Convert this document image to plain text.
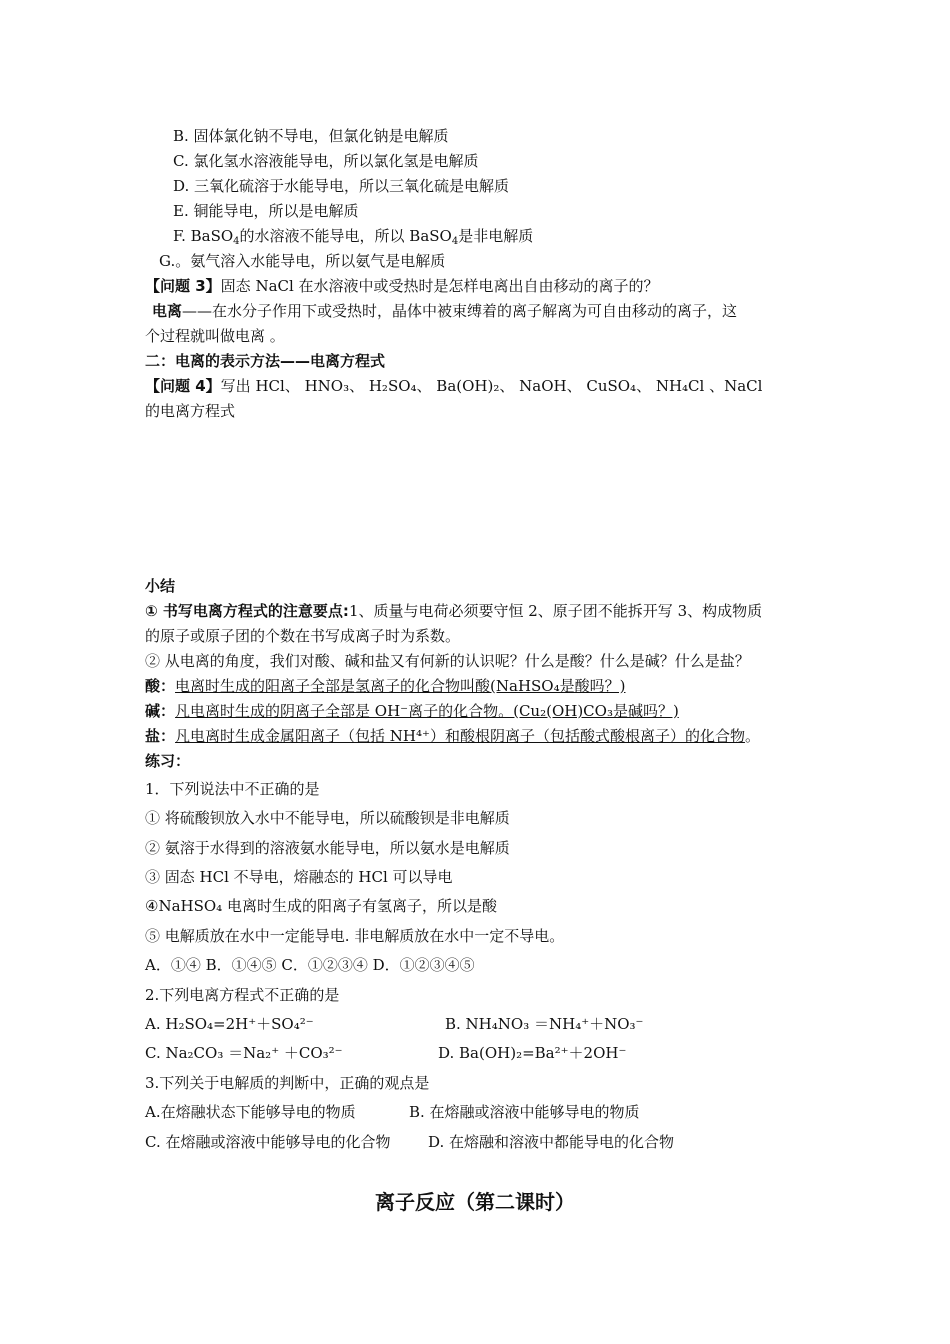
B. 固体氯化钠不导电，但氯化钠是电解质
C. 氯化氢水溶液能导电，所以氯化氢是电解质
D. 三氧化硫溶于水能导电，所以三氧化硫是电解质
E. 铜能导电，所以是电解质
F. BaSO$_4$的水溶液不能导电，所以 BaSO$_4$是非电解质
G.。氨气溶入水能导电，所以氨气是电解质
【问题 3】固态 NaCl 在水溶液中或受热时是怎样电离出自由移动的离子的？
电离——在水分子作用下或受热时，晶体中被束缚着的离子解离为可自由移动的离子，这
个过程就叫做电离 。
二：电离的表示方法——电离方程式
【问题 4】写出 HCl、 HNO₃、 H₂SO₄、 Ba(OH)₂、 NaOH、 CuSO₄、 NH₄Cl 、NaCl
的电离方程式
小结
① 书写电离方程式的注意要点:1、质量与电荷必须要守恒 2、原子团不能拆开写 3、构成物质
的原子或原子团的个数在书写成离子时为系数。
② 从电离的角度，我们对酸、碱和盐又有何新的认识呢？什么是酸？什么是碱？什么是盐？
酸：电离时生成的阳离子全部是氢离子的化合物叫酸(NaHSO₄是酸吗？)
碱：凡电离时生成的阴离子全部是 OH⁻离子的化合物。(Cu₂(OH)CO₃是碱吗？)
盐：凡电离时生成金属阳离子（包括 NH⁴⁺）和酸根阴离子（包括酸式酸根离子）的化合物。
练习：
1．下列说法中不正确的是
① 将硫酸钡放入水中不能导电，所以硫酸钡是非电解质
② 氨溶于水得到的溶液氨水能导电，所以氨水是电解质
③ 固态 HCl 不导电，熔融态的 HCl 可以导电
④NaHSO₄ 电离时生成的阳离子有氢离子，所以是酸
⑤ 电解质放在水中一定能导电. 非电解质放在水中一定不导电。
A．①④ B．①④⑤ C．①②③④ D．①②③④⑤
2.下列电离方程式不正确的是
A. H₂SO₄=2H⁺＋SO₄²⁻	B. NH₄NO₃ ＝NH₄⁺＋NO₃⁻
C. Na₂CO₃ ＝Na₂⁺ ＋CO₃²⁻	D. Ba(OH)₂=Ba²⁺＋2OH⁻
3.下列关于电解质的判断中，正确的观点是
A.在熔融状态下能够导电的物质	B. 在熔融或溶液中能够导电的物质
C. 在熔融或溶液中能够导电的化合物	D. 在熔融和溶液中都能导电的化合物
离子反应（第二课时）
